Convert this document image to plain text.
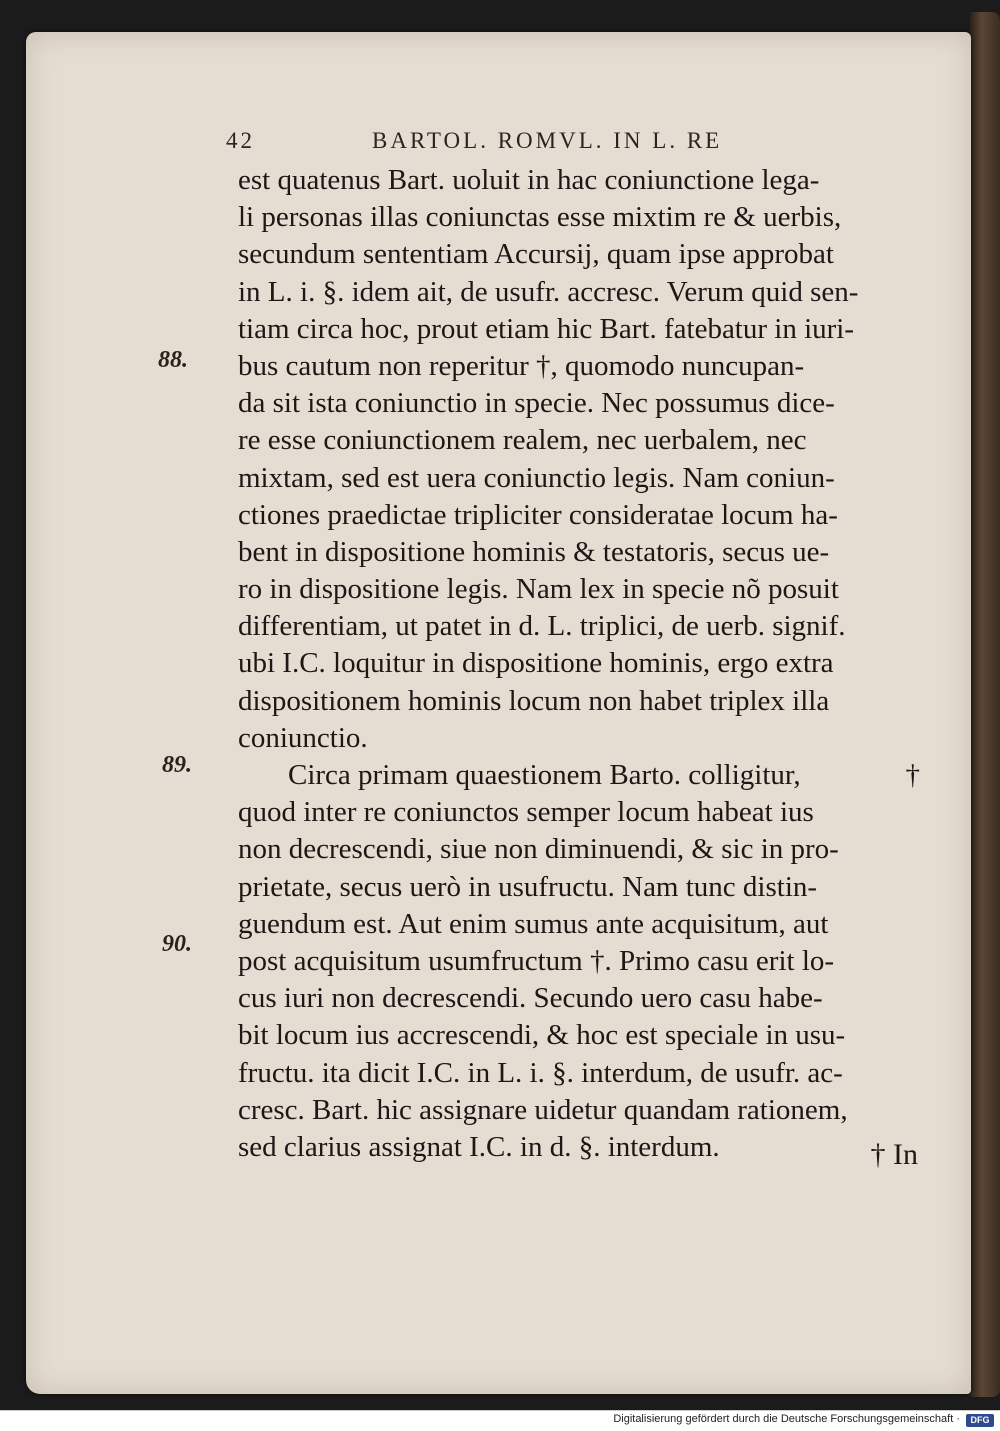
42	BARTOL. ROMVL. IN L. RE
88.
89.
90.
est quatenus Bart. uoluit in hac coniunctione lega-
li personas illas coniunctas esse mixtim re & uerbis,
secundum sententiam Accursij, quam ipse approbat
in L. i. §. idem ait, de usufr. accresc. Verum quid sen-
tiam circa hoc, prout etiam hic Bart. fatebatur in iuri-
bus cautum non reperitur †, quomodo nuncupan-
da sit ista coniunctio in specie. Nec possumus dice-
re esse coniunctionem realem, nec uerbalem, nec
mixtam, sed est uera coniunctio legis. Nam coniun-
ctiones praedictae tripliciter consideratae locum ha-
bent in dispositione hominis & testatoris, secus ue-
ro in dispositione legis. Nam lex in specie nõ posuit
differentiam, ut patet in d. L. triplici, de uerb. signif.
ubi I.C. loquitur in dispositione hominis, ergo extra
dispositionem hominis locum non habet triplex illa
coniunctio.
Circa primam quaestionem Barto. colligitur,	†
quod inter re coniunctos semper locum habeat ius
non decrescendi, siue non diminuendi, & sic in pro-
prietate, secus uerò in usufructu. Nam tunc distin-
guendum est. Aut enim sumus ante acquisitum, aut
post acquisitum usumfructum †. Primo casu erit lo-
cus iuri non decrescendi. Secundo uero casu habe-
bit locum ius accrescendi, & hoc est speciale in usu-
fructu. ita dicit I.C. in L. i. §. interdum, de usufr. ac-
cresc. Bart. hic assignare uidetur quandam rationem,
sed clarius assignat I.C. in d. §. interdum.	† In
Digitalisierung gefördert durch die Deutsche Forschungsgemeinschaft ·	DFG
